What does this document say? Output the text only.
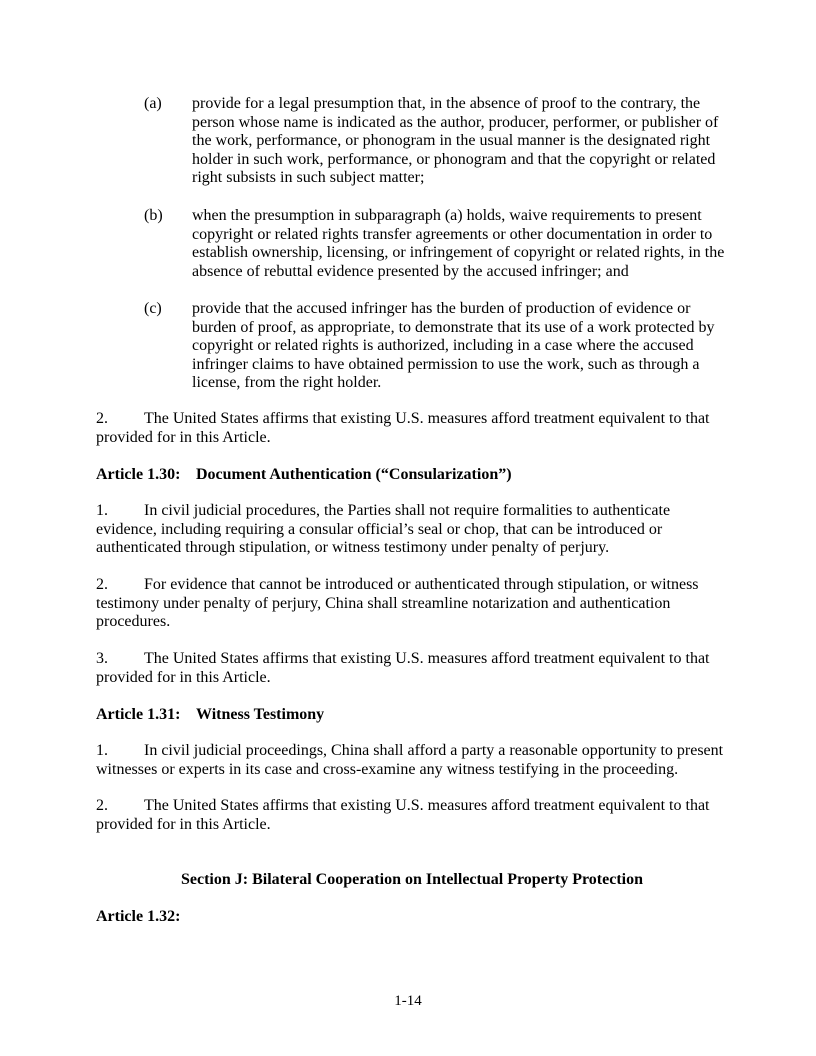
(a)	provide for a legal presumption that, in the absence of proof to the contrary, the person whose name is indicated as the author, producer, performer, or publisher of the work, performance, or phonogram in the usual manner is the designated right holder in such work, performance, or phonogram and that the copyright or related right subsists in such subject matter;
(b)	when the presumption in subparagraph (a) holds, waive requirements to present copyright or related rights transfer agreements or other documentation in order to establish ownership, licensing, or infringement of copyright or related rights, in the absence of rebuttal evidence presented by the accused infringer; and
(c)	provide that the accused infringer has the burden of production of evidence or burden of proof, as appropriate, to demonstrate that its use of a work protected by copyright or related rights is authorized, including in a case where the accused infringer claims to have obtained permission to use the work, such as through a license, from the right holder.

2. The United States affirms that existing U.S. measures afford treatment equivalent to that provided for in this Article.

Article 1.30: Document Authentication (“Consularization”)

1. In civil judicial procedures, the Parties shall not require formalities to authenticate evidence, including requiring a consular official’s seal or chop, that can be introduced or authenticated through stipulation, or witness testimony under penalty of perjury.

2. For evidence that cannot be introduced or authenticated through stipulation, or witness testimony under penalty of perjury, China shall streamline notarization and authentication procedures.

3. The United States affirms that existing U.S. measures afford treatment equivalent to that provided for in this Article.

Article 1.31: Witness Testimony

1. In civil judicial proceedings, China shall afford a party a reasonable opportunity to present witnesses or experts in its case and cross-examine any witness testifying in the proceeding.

2. The United States affirms that existing U.S. measures afford treatment equivalent to that provided for in this Article.

Section J: Bilateral Cooperation on Intellectual Property Protection

Article 1.32:

1-14
